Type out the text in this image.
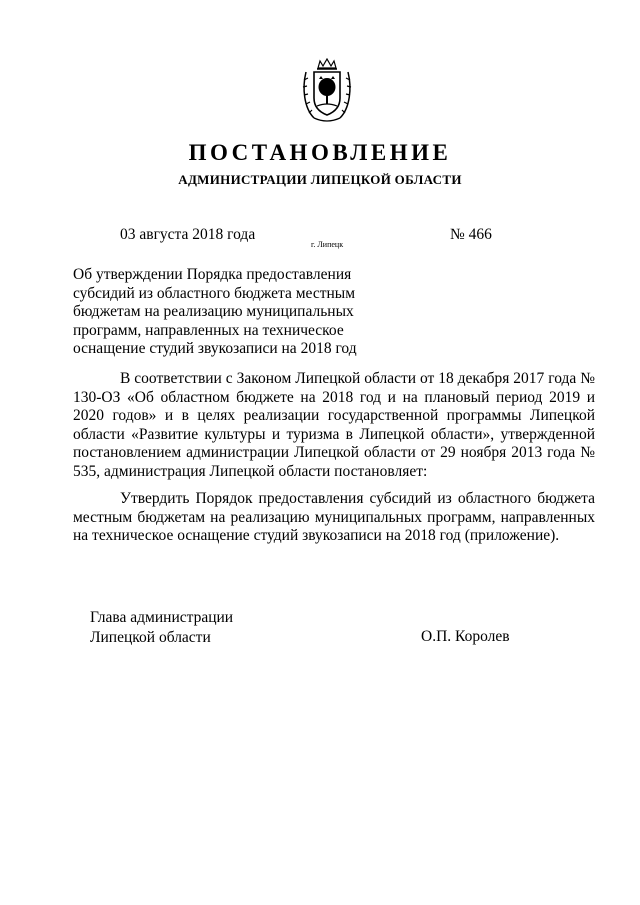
ПОСТАНОВЛЕНИЕ
АДМИНИСТРАЦИИ ЛИПЕЦКОЙ ОБЛАСТИ
03 августа 2018 года
г. Липецк
№ 466
Об утверждении Порядка предоставления
субсидий из областного бюджета местным
бюджетам на реализацию муниципальных
программ, направленных на техническое
оснащение студий звукозаписи на 2018 год

В соответствии с Законом Липецкой области от 18 декабря 2017 года № 130-ОЗ «Об областном бюджете на 2018 год и на плановый период 2019 и 2020 годов» и в целях реализации государственной программы Липецкой области «Развитие культуры и туризма в Липецкой области», утвержденной постановлением администрации Липецкой области от 29 ноября 2013 года № 535, администрация Липецкой области постановляет:

Утвердить Порядок предоставления субсидий из областного бюджета местным бюджетам на реализацию муниципальных программ, направленных на техническое оснащение студий звукозаписи на 2018 год (приложение).

Глава администрации
Липецкой области	О.П. Королев
